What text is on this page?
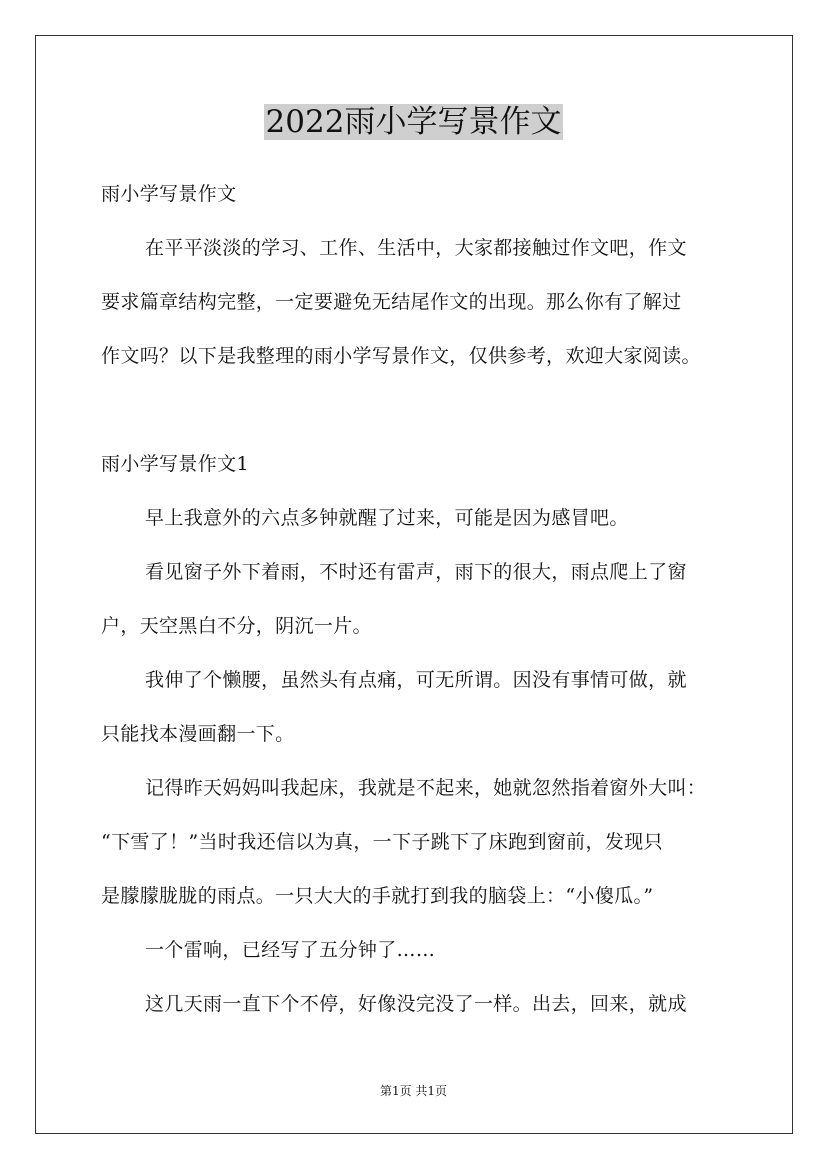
2022雨小学写景作文
雨小学写景作文
在平平淡淡的学习、工作、生活中，大家都接触过作文吧，作文
要求篇章结构完整，一定要避免无结尾作文的出现。那么你有了解过
作文吗？以下是我整理的雨小学写景作文，仅供参考，欢迎大家阅读。
雨小学写景作文1
早上我意外的六点多钟就醒了过来，可能是因为感冒吧。
看见窗子外下着雨，不时还有雷声，雨下的很大，雨点爬上了窗
户，天空黑白不分，阴沉一片。
我伸了个懒腰，虽然头有点痛，可无所谓。因没有事情可做，就
只能找本漫画翻一下。
记得昨天妈妈叫我起床，我就是不起来，她就忽然指着窗外大叫：
“下雪了！”当时我还信以为真，一下子跳下了床跑到窗前，发现只
是朦朦胧胧的雨点。一只大大的手就打到我的脑袋上：“小傻瓜。”
一个雷响，已经写了五分钟了……
这几天雨一直下个不停，好像没完没了一样。出去，回来，就成
第1页 共1页
